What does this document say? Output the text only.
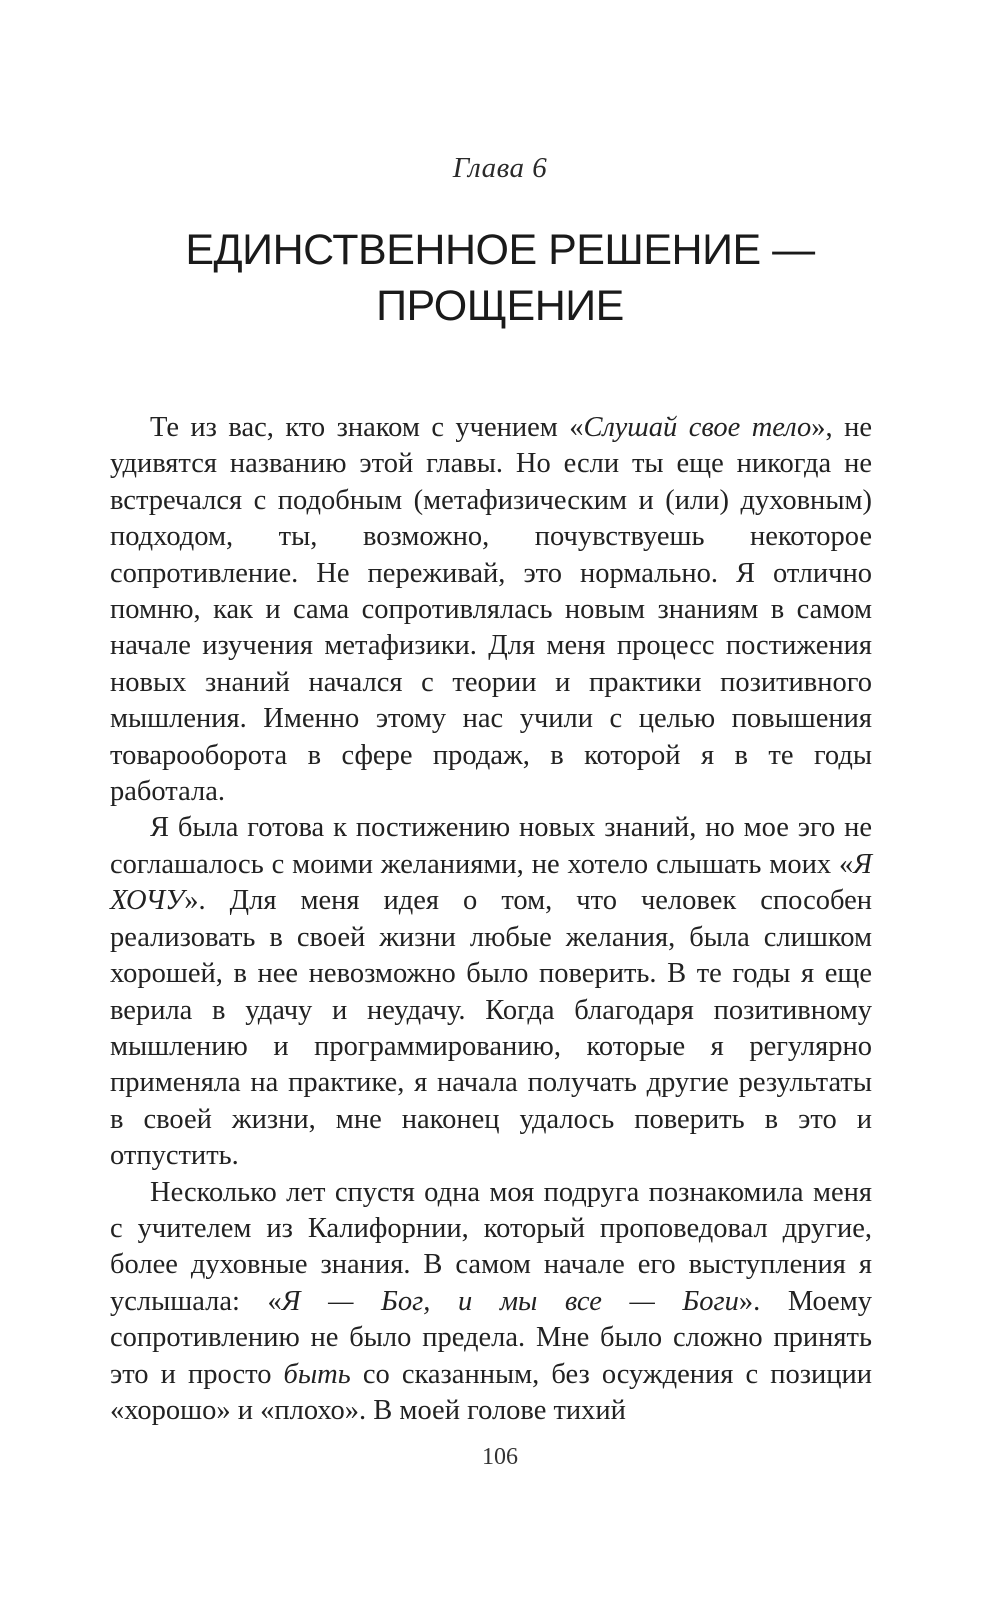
Глава 6
ЕДИНСТВЕННОЕ РЕШЕНИЕ —
ПРОЩЕНИЕ

Те из вас, кто знаком с учением «Слушай свое тело», не удивятся названию этой главы. Но если ты еще никогда не встречался с подобным (метафизическим и (или) духовным) подходом, ты, возможно, почувствуешь некоторое сопротивление. Не переживай, это нормально. Я отлично помню, как и сама сопротивлялась новым знаниям в самом начале изучения метафизики. Для меня процесс постижения новых знаний начался с теории и практики позитивного мышления. Именно этому нас учили с целью повышения товарооборота в сфере продаж, в которой я в те годы работала.

Я была готова к постижению новых знаний, но мое эго не соглашалось с моими желаниями, не хотело слышать моих «Я ХОЧУ». Для меня идея о том, что человек способен реализовать в своей жизни любые желания, была слишком хорошей, в нее невозможно было поверить. В те годы я еще верила в удачу и неудачу. Когда благодаря позитивному мышлению и программированию, которые я регулярно применяла на практике, я начала получать другие результаты в своей жизни, мне наконец удалось поверить в это и отпустить.

Несколько лет спустя одна моя подруга познакомила меня с учителем из Калифорнии, который проповедовал другие, более духовные знания. В самом начале его выступления я услышала: «Я — Бог, и мы все — Боги». Моему сопротивлению не было предела. Мне было сложно принять это и просто быть со сказанным, без осуждения с позиции «хорошо» и «плохо». В моей голове тихий

106
